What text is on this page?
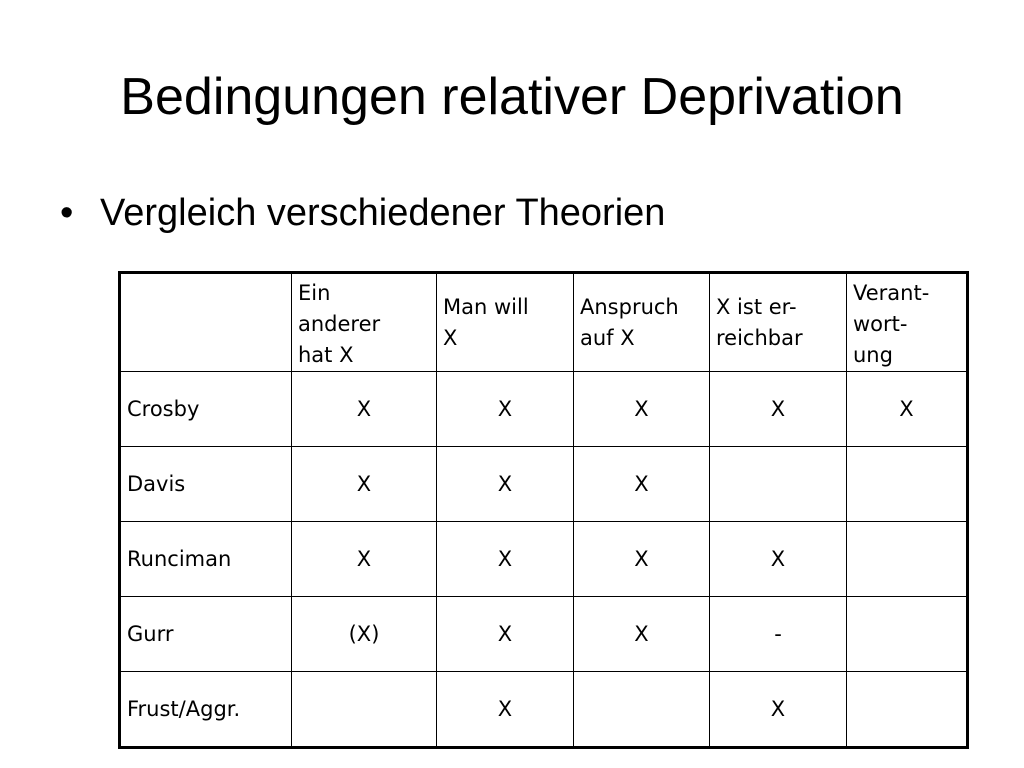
Bedingungen relativer Deprivation
• Vergleich verschiedener Theorien

	Ein
anderer
hat X	Man will
X	Anspruch
auf X	X ist er-
reichbar	Verant-
wort-
ung

Crosby	X	X	X	X	X
Davis	X	X	X		
Runciman	X	X	X	X	
Gurr	(X)	X	X	-	
Frust/Aggr.		X		X	
